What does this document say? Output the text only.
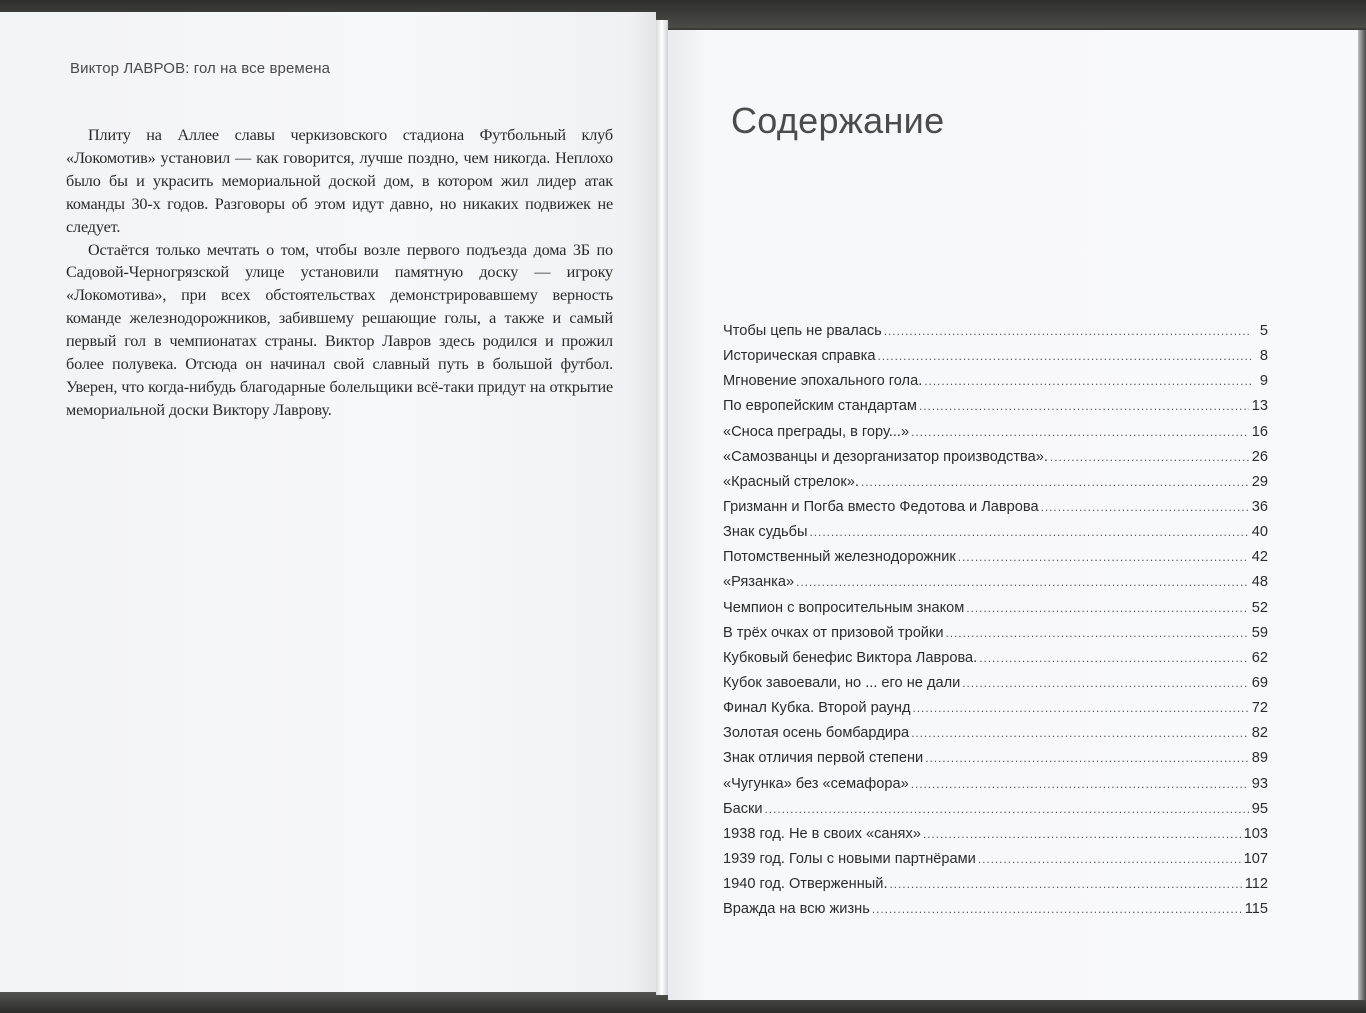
Виктор ЛАВРОВ: гол на все времена

Плиту на Аллее славы черкизовского стадиона Футбольный клуб «Локомотив» установил — как говорится, лучше поздно, чем никогда. Неплохо было бы и украсить мемориальной доской дом, в котором жил лидер атак команды 30-х годов. Разговоры об этом идут давно, но никаких подвижек не следует.

Остаётся только мечтать о том, чтобы возле первого подъезда дома 3Б по Садовой-Черногрязской улице установили памятную доску — игроку «Локомотива», при всех обстоятельствах демонстрировавшему верность команде железнодорожников, забившему решающие голы, а также и самый первый гол в чемпионатах страны. Виктор Лавров здесь родился и прожил более полувека. Отсюда он начинал свой славный путь в большой футбол. Уверен, что когда-нибудь благодарные болельщики всё-таки придут на открытие мемориальной доски Виктору Лаврову.

Содержание
Чтобы цепь не рвалась . . .	5
Историческая справка . . .	8
Мгновение эпохального гола. . . .	9
По европейским стандартам . . .	13
«Сноса преграды, в гору...» . . .	16
«Самозванцы и дезорганизатор производства». . . .	26
«Красный стрелок». . . .	29
Гризманн и Погба вместо Федотова и Лаврова . . .	36
Знак судьбы . . .	40
Потомственный железнодорожник . . .	42
«Рязанка» . . .	48
Чемпион с вопросительным знаком . . .	52
В трёх очках от призовой тройки . . .	59
Кубковый бенефис Виктора Лаврова. . . .	62
Кубок завоевали, но ... его не дали . . .	69
Финал Кубка. Второй раунд . . .	72
Золотая осень бомбардира . . .	82
Знак отличия первой степени . . .	89
«Чугунка» без «семафора» . . .	93
Баски . . .	95
1938 год. Не в своих «санях» . . .	103
1939 год. Голы с новыми партнёрами . . .	107
1940 год. Отверженный. . . .	112
Вражда на всю жизнь . . .	115
